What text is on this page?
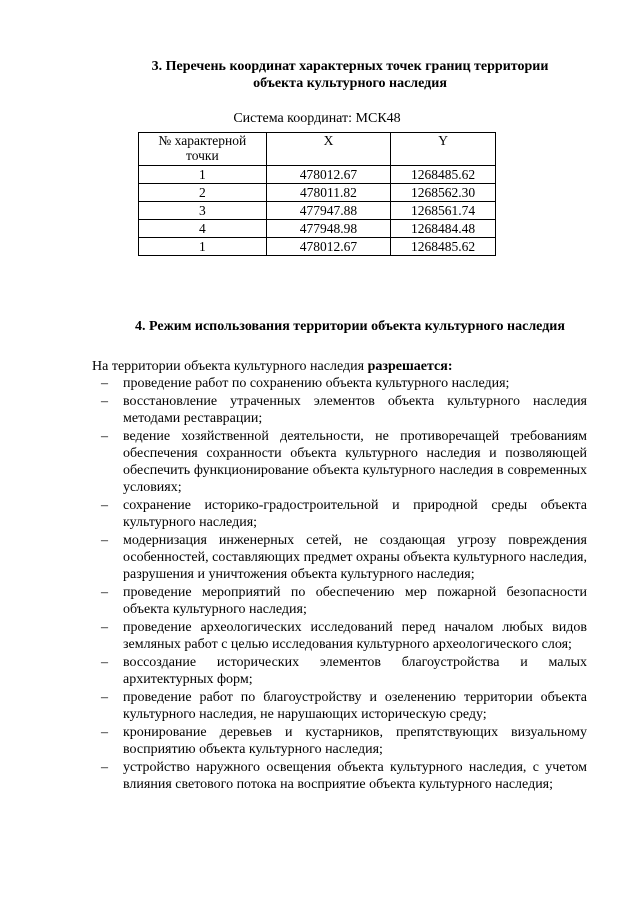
3. Перечень координат характерных точек границ территории
объекта культурного наследия
Система координат: МСК48
№ характерной точки	X	Y
1	478012.67	1268485.62
2	478011.82	1268562.30
3	477947.88	1268561.74
4	477948.98	1268484.48
1	478012.67	1268485.62
4. Режим использования территории объекта культурного наследия
На территории объекта культурного наследия разрешается:
– проведение работ по сохранению объекта культурного наследия;
– восстановление утраченных элементов объекта культурного наследия методами реставрации;
– ведение хозяйственной деятельности, не противоречащей требованиям обеспечения сохранности объекта культурного наследия и позволяющей обеспечить функционирование объекта культурного наследия в современных условиях;
– сохранение историко-градостроительной и природной среды объекта культурного наследия;
– модернизация инженерных сетей, не создающая угрозу повреждения особенностей, составляющих предмет охраны объекта культурного наследия, разрушения и уничтожения объекта культурного наследия;
– проведение мероприятий по обеспечению мер пожарной безопасности объекта культурного наследия;
– проведение археологических исследований перед началом любых видов земляных работ с целью исследования культурного археологического слоя;
– воссоздание исторических элементов благоустройства и малых архитектурных форм;
– проведение работ по благоустройству и озеленению территории объекта культурного наследия, не нарушающих историческую среду;
– кронирование деревьев и кустарников, препятствующих визуальному восприятию объекта культурного наследия;
– устройство наружного освещения объекта культурного наследия, с учетом влияния светового потока на восприятие объекта культурного наследия;
